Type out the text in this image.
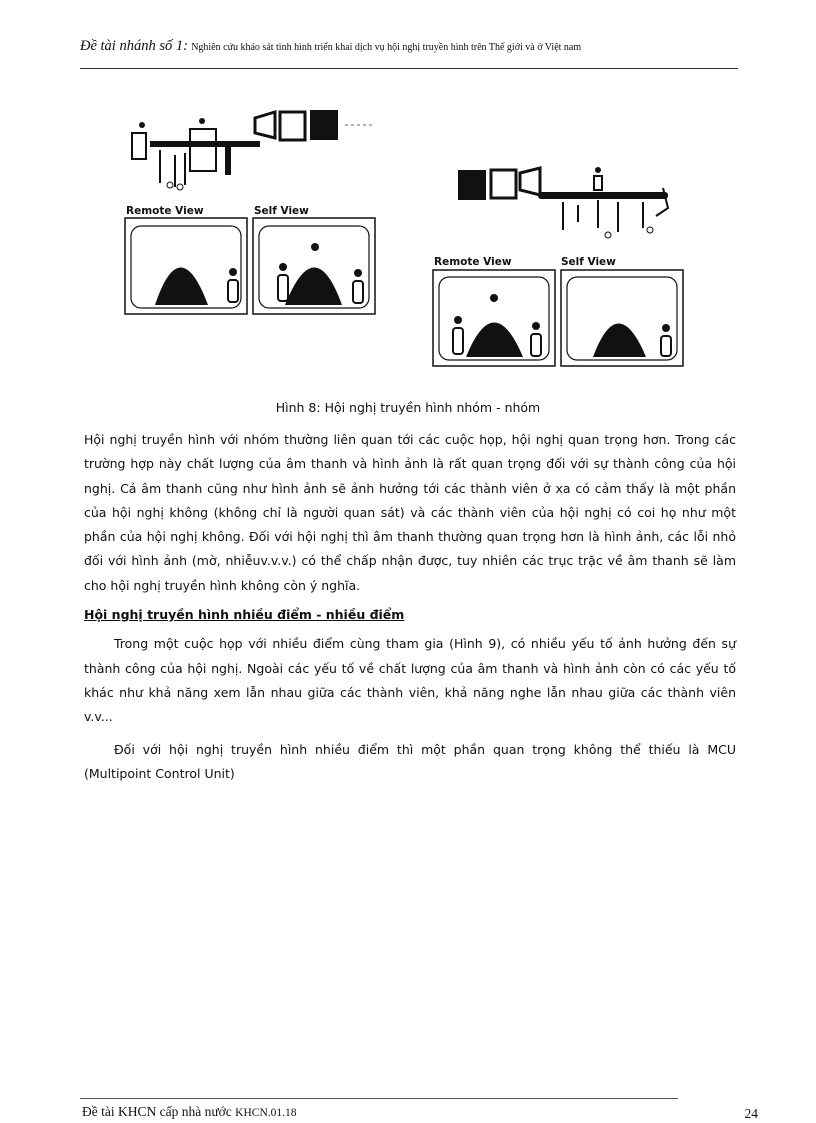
Đề tài nhánh số 1: Nghiên cứu khảo sát tình hình triển khai dịch vụ hội nghị truyền hình trên Thế giới và ở Việt nam
Remote View	Self View
Remote View	Self View
Hình 8: Hội nghị truyền hình nhóm - nhóm

Hội nghị truyền hình với nhóm thường liên quan tới các cuộc họp, hội nghị quan trọng hơn. Trong các trường hợp này chất lượng của âm thanh và hình ảnh là rất quan trọng đối với sự thành công của hội nghị. Cả âm thanh cũng như hình ảnh sẽ ảnh hưởng tới các thành viên ở xa có cảm thấy là một phần của hội nghị không (không chỉ là người quan sát) và các thành viên của hội nghị có coi họ như một phần của hội nghị không. Đối với hội nghị thì âm thanh thường quan trọng hơn là hình ảnh, các lỗi nhỏ đối với hình ảnh (mờ, nhiễuv.v.v.) có thể chấp nhận được, tuy nhiên các trục trặc về âm thanh sẽ làm cho hội nghị truyền hình không còn ý nghĩa.

Hội nghị truyền hình nhiều điểm - nhiều điểm

Trong một cuộc họp với nhiều điểm cùng tham gia (Hình 9), có nhiều yếu tố ảnh hưởng đến sự thành công của hội nghị. Ngoài các yếu tố về chất lượng của âm thanh và hình ảnh còn có các yếu tố khác như khả năng xem lẫn nhau giữa các thành viên, khả năng nghe lẫn nhau giữa các thành viên v.v...

Đối với hội nghị truyền hình nhiều điểm thì một phần quan trọng không thể thiếu là MCU (Multipoint Control Unit)

Đề tài KHCN cấp nhà nước KHCN.01.18	24
